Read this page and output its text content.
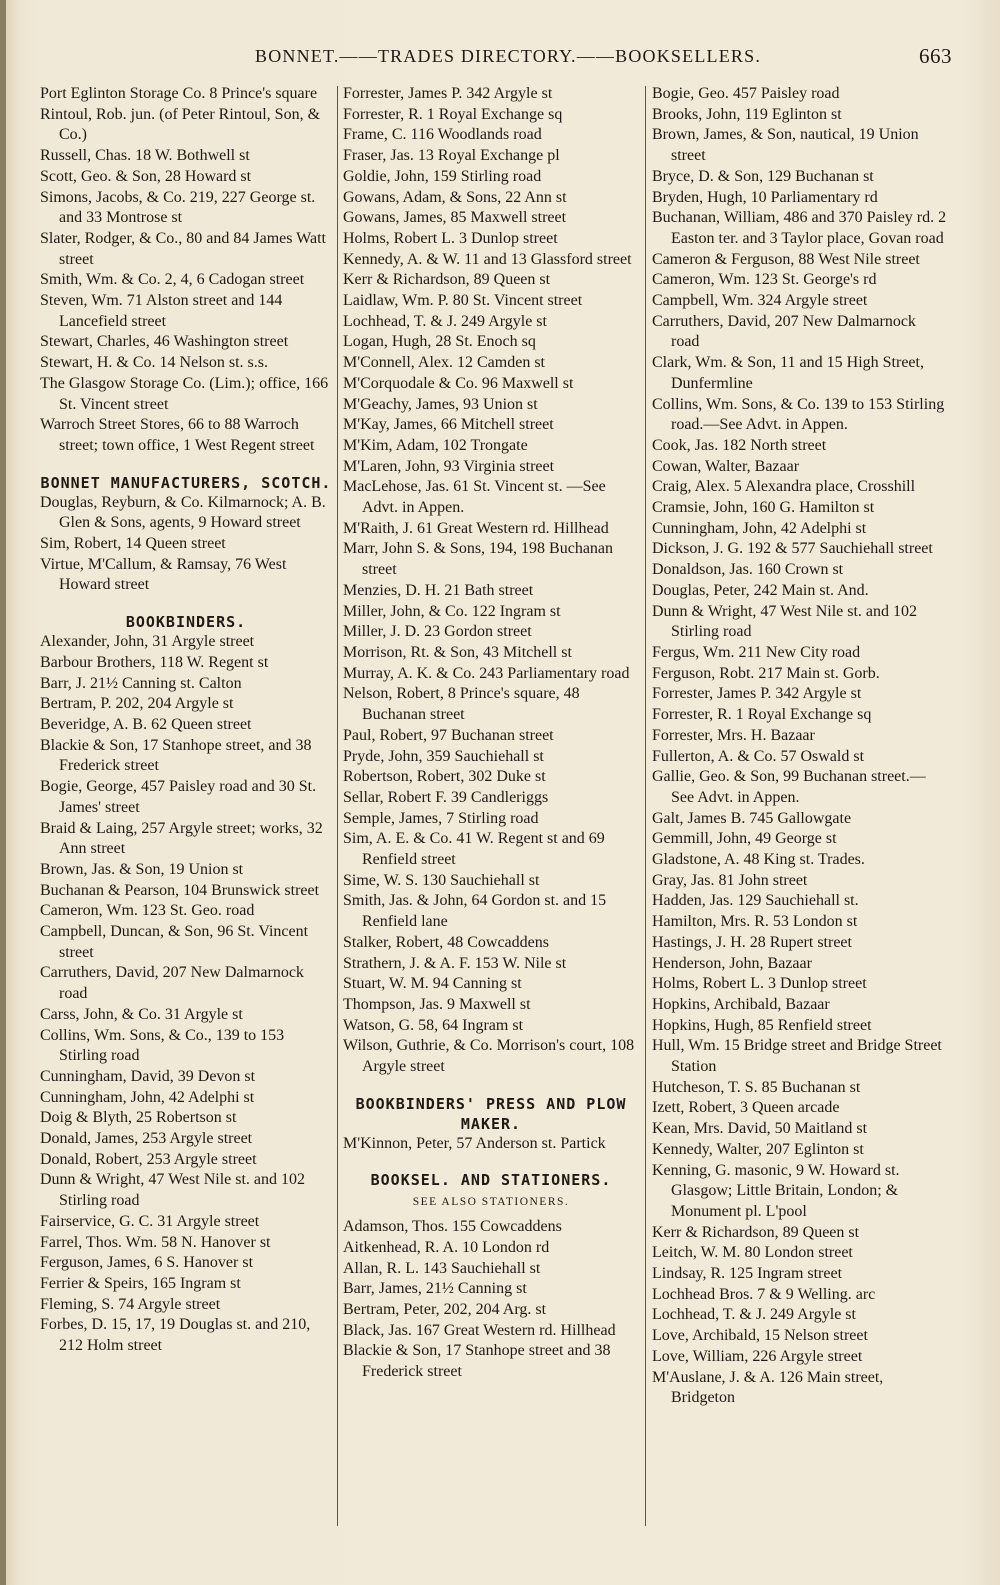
BONNET.——TRADES DIRECTORY.——BOOKSELLERS.	663
Port Eglinton Storage Co. 8 Prince's square
Rintoul, Rob. jun. (of Peter Rintoul, Son, & Co.)
Russell, Chas. 18 W. Bothwell st
Scott, Geo. & Son, 28 Howard st
Simons, Jacobs, & Co. 219, 227 George st. and 33 Montrose st
Slater, Rodger, & Co., 80 and 84 James Watt street
Smith, Wm. & Co. 2, 4, 6 Cadogan street
Steven, Wm. 71 Alston street and 144 Lancefield street
Stewart, Charles, 46 Washington street
Stewart, H. & Co. 14 Nelson st. s.s.
The Glasgow Storage Co. (Lim.); office, 166 St. Vincent street
Warroch Street Stores, 66 to 88 Warroch street; town office, 1 West Regent street
BONNET MANUFACTURERS, SCOTCH.
Douglas, Reyburn, & Co. Kilmarnock; A. B. Glen & Sons, agents, 9 Howard street
Sim, Robert, 14 Queen street
Virtue, M'Callum, & Ramsay, 76 West Howard street
BOOKBINDERS.
Alexander, John, 31 Argyle street
Barbour Brothers, 118 W. Regent st
Barr, J. 21½ Canning st. Calton
Bertram, P. 202, 204 Argyle st
Beveridge, A. B. 62 Queen street
Blackie & Son, 17 Stanhope street, and 38 Frederick street
Bogie, George, 457 Paisley road and 30 St. James' street
Braid & Laing, 257 Argyle street; works, 32 Ann street
Brown, Jas. & Son, 19 Union st
Buchanan & Pearson, 104 Brunswick street
Cameron, Wm. 123 St. Geo. road
Campbell, Duncan, & Son, 96 St. Vincent street
Carruthers, David, 207 New Dalmarnock road
Carss, John, & Co. 31 Argyle st
Collins, Wm. Sons, & Co., 139 to 153 Stirling road
Cunningham, David, 39 Devon st
Cunningham, John, 42 Adelphi st
Doig & Blyth, 25 Robertson st
Donald, James, 253 Argyle street
Donald, Robert, 253 Argyle street
Dunn & Wright, 47 West Nile st. and 102 Stirling road
Fairservice, G. C. 31 Argyle street
Farrel, Thos. Wm. 58 N. Hanover st
Ferguson, James, 6 S. Hanover st
Ferrier & Speirs, 165 Ingram st
Fleming, S. 74 Argyle street
Forbes, D. 15, 17, 19 Douglas st. and 210, 212 Holm street
Forrester, James P. 342 Argyle st
Forrester, R. 1 Royal Exchange sq
Frame, C. 116 Woodlands road
Fraser, Jas. 13 Royal Exchange pl
Goldie, John, 159 Stirling road
Gowans, Adam, & Sons, 22 Ann st
Gowans, James, 85 Maxwell street
Holms, Robert L. 3 Dunlop street
Kennedy, A. & W. 11 and 13 Glassford street
Kerr & Richardson, 89 Queen st
Laidlaw, Wm. P. 80 St. Vincent street
Lochhead, T. & J. 249 Argyle st
Logan, Hugh, 28 St. Enoch sq
M'Connell, Alex. 12 Camden st
M'Corquodale & Co. 96 Maxwell st
M'Geachy, James, 93 Union st
M'Kay, James, 66 Mitchell street
M'Kim, Adam, 102 Trongate
M'Laren, John, 93 Virginia street
MacLehose, Jas. 61 St. Vincent st. —See Advt. in Appen.
M'Raith, J. 61 Great Western rd. Hillhead
Marr, John S. & Sons, 194, 198 Buchanan street
Menzies, D. H. 21 Bath street
Miller, John, & Co. 122 Ingram st
Miller, J. D. 23 Gordon street
Morrison, Rt. & Son, 43 Mitchell st
Murray, A. K. & Co. 243 Parliamentary road
Nelson, Robert, 8 Prince's square, 48 Buchanan street
Paul, Robert, 97 Buchanan street
Pryde, John, 359 Sauchiehall st
Robertson, Robert, 302 Duke st
Sellar, Robert F. 39 Candleriggs
Semple, James, 7 Stirling road
Sim, A. E. & Co. 41 W. Regent st and 69 Renfield street
Sime, W. S. 130 Sauchiehall st
Smith, Jas. & John, 64 Gordon st. and 15 Renfield lane
Stalker, Robert, 48 Cowcaddens
Strathern, J. & A. F. 153 W. Nile st
Stuart, W. M. 94 Canning st
Thompson, Jas. 9 Maxwell st
Watson, G. 58, 64 Ingram st
Wilson, Guthrie, & Co. Morrison's court, 108 Argyle street
BOOKBINDERS' PRESS AND PLOW MAKER.
M'Kinnon, Peter, 57 Anderson st. Partick
BOOKSEL. AND STATIONERS.
SEE ALSO STATIONERS.
Adamson, Thos. 155 Cowcaddens
Aitkenhead, R. A. 10 London rd
Allan, R. L. 143 Sauchiehall st
Barr, James, 21½ Canning st
Bertram, Peter, 202, 204 Arg. st
Black, Jas. 167 Great Western rd. Hillhead
Blackie & Son, 17 Stanhope street and 38 Frederick street
Bogie, Geo. 457 Paisley road
Brooks, John, 119 Eglinton st
Brown, James, & Son, nautical, 19 Union street
Bryce, D. & Son, 129 Buchanan st
Bryden, Hugh, 10 Parliamentary rd
Buchanan, William, 486 and 370 Paisley rd. 2 Easton ter. and 3 Taylor place, Govan road
Cameron & Ferguson, 88 West Nile street
Cameron, Wm. 123 St. George's rd
Campbell, Wm. 324 Argyle street
Carruthers, David, 207 New Dalmarnock road
Clark, Wm. & Son, 11 and 15 High Street, Dunfermline
Collins, Wm. Sons, & Co. 139 to 153 Stirling road.—See Advt. in Appen.
Cook, Jas. 182 North street
Cowan, Walter, Bazaar
Craig, Alex. 5 Alexandra place, Crosshill
Cramsie, John, 160 G. Hamilton st
Cunningham, John, 42 Adelphi st
Dickson, J. G. 192 & 577 Sauchiehall street
Donaldson, Jas. 160 Crown st
Douglas, Peter, 242 Main st. And.
Dunn & Wright, 47 West Nile st. and 102 Stirling road
Fergus, Wm. 211 New City road
Ferguson, Robt. 217 Main st. Gorb.
Forrester, James P. 342 Argyle st
Forrester, R. 1 Royal Exchange sq
Forrester, Mrs. H. Bazaar
Fullerton, A. & Co. 57 Oswald st
Gallie, Geo. & Son, 99 Buchanan street.—See Advt. in Appen.
Galt, James B. 745 Gallowgate
Gemmill, John, 49 George st
Gladstone, A. 48 King st. Trades.
Gray, Jas. 81 John street
Hadden, Jas. 129 Sauchiehall st.
Hamilton, Mrs. R. 53 London st
Hastings, J. H. 28 Rupert street
Henderson, John, Bazaar
Holms, Robert L. 3 Dunlop street
Hopkins, Archibald, Bazaar
Hopkins, Hugh, 85 Renfield street
Hull, Wm. 15 Bridge street and Bridge Street Station
Hutcheson, T. S. 85 Buchanan st
Izett, Robert, 3 Queen arcade
Kean, Mrs. David, 50 Maitland st
Kennedy, Walter, 207 Eglinton st
Kenning, G. masonic, 9 W. Howard st. Glasgow; Little Britain, London; & Monument pl. L'pool
Kerr & Richardson, 89 Queen st
Leitch, W. M. 80 London street
Lindsay, R. 125 Ingram street
Lochhead Bros. 7 & 9 Welling. arc
Lochhead, T. & J. 249 Argyle st
Love, Archibald, 15 Nelson street
Love, William, 226 Argyle street
M'Auslane, J. & A. 126 Main street, Bridgeton
